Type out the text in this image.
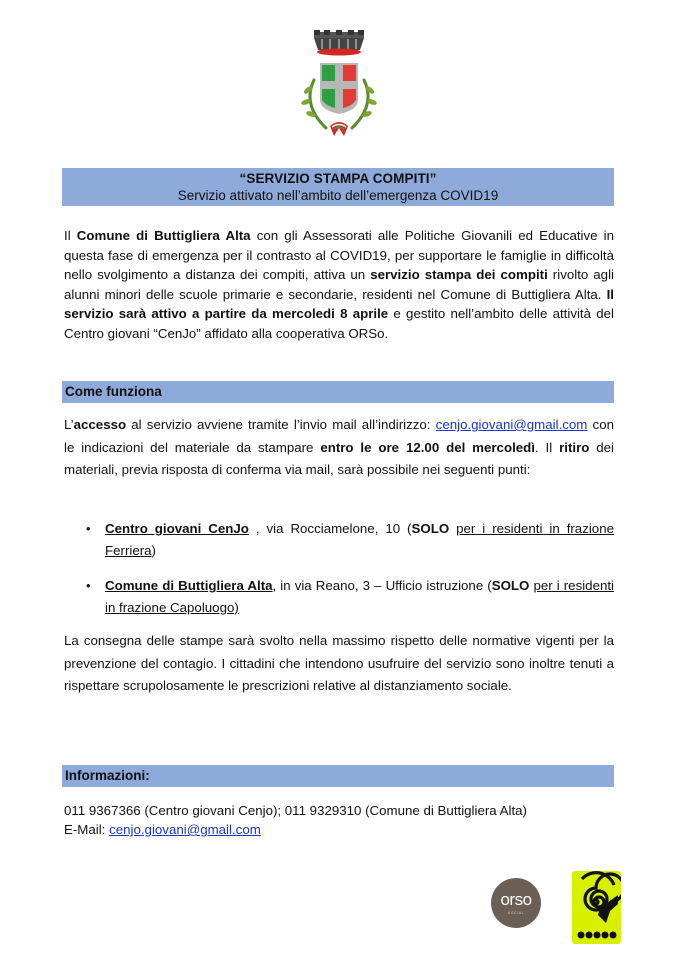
“SERVIZIO STAMPA COMPITI”
Servizio attivato nell’ambito dell’emergenza COVID19
Il Comune di Buttigliera Alta con gli Assessorati alle Politiche Giovanili ed Educative in questa fase di emergenza per il contrasto al COVID19, per supportare le famiglie in difficoltà nello svolgimento a distanza dei compiti, attiva un servizio stampa dei compiti rivolto agli alunni minori delle scuole primarie e secondarie, residenti nel Comune di Buttigliera Alta. Il servizio sarà attivo a partire da mercoledi 8 aprile e gestito nell’ambito delle attività del Centro giovani “CenJo” affidato alla cooperativa ORSo.
Come funziona
L’accesso al servizio avviene tramite l’invio mail all’indirizzo: cenjo.giovani@gmail.com con le indicazioni del materiale da stampare entro le ore 12.00 del mercoledì. Il ritiro dei materiali, previa risposta di conferma via mail, sarà possibile nei seguenti punti:
• Centro giovani CenJo , via Rocciamelone, 10 (SOLO per i residenti in frazione Ferriera)
• Comune di Buttigliera Alta, in via Reano, 3 – Ufficio istruzione (SOLO per i residenti in frazione Capoluogo)
La consegna delle stampe sarà svolto nella massimo rispetto delle normative vigenti per la prevenzione del contagio. I cittadini che intendono usufruire del servizio sono inoltre tenuti a rispettare scrupolosamente le prescrizioni relative al distanziamento sociale.
Informazioni:
011 9367366 (Centro giovani Cenjo); 011 9329310 (Comune di Buttigliera Alta)
E-Mail: cenjo.giovani@gmail.com
orso
SOCIAL
